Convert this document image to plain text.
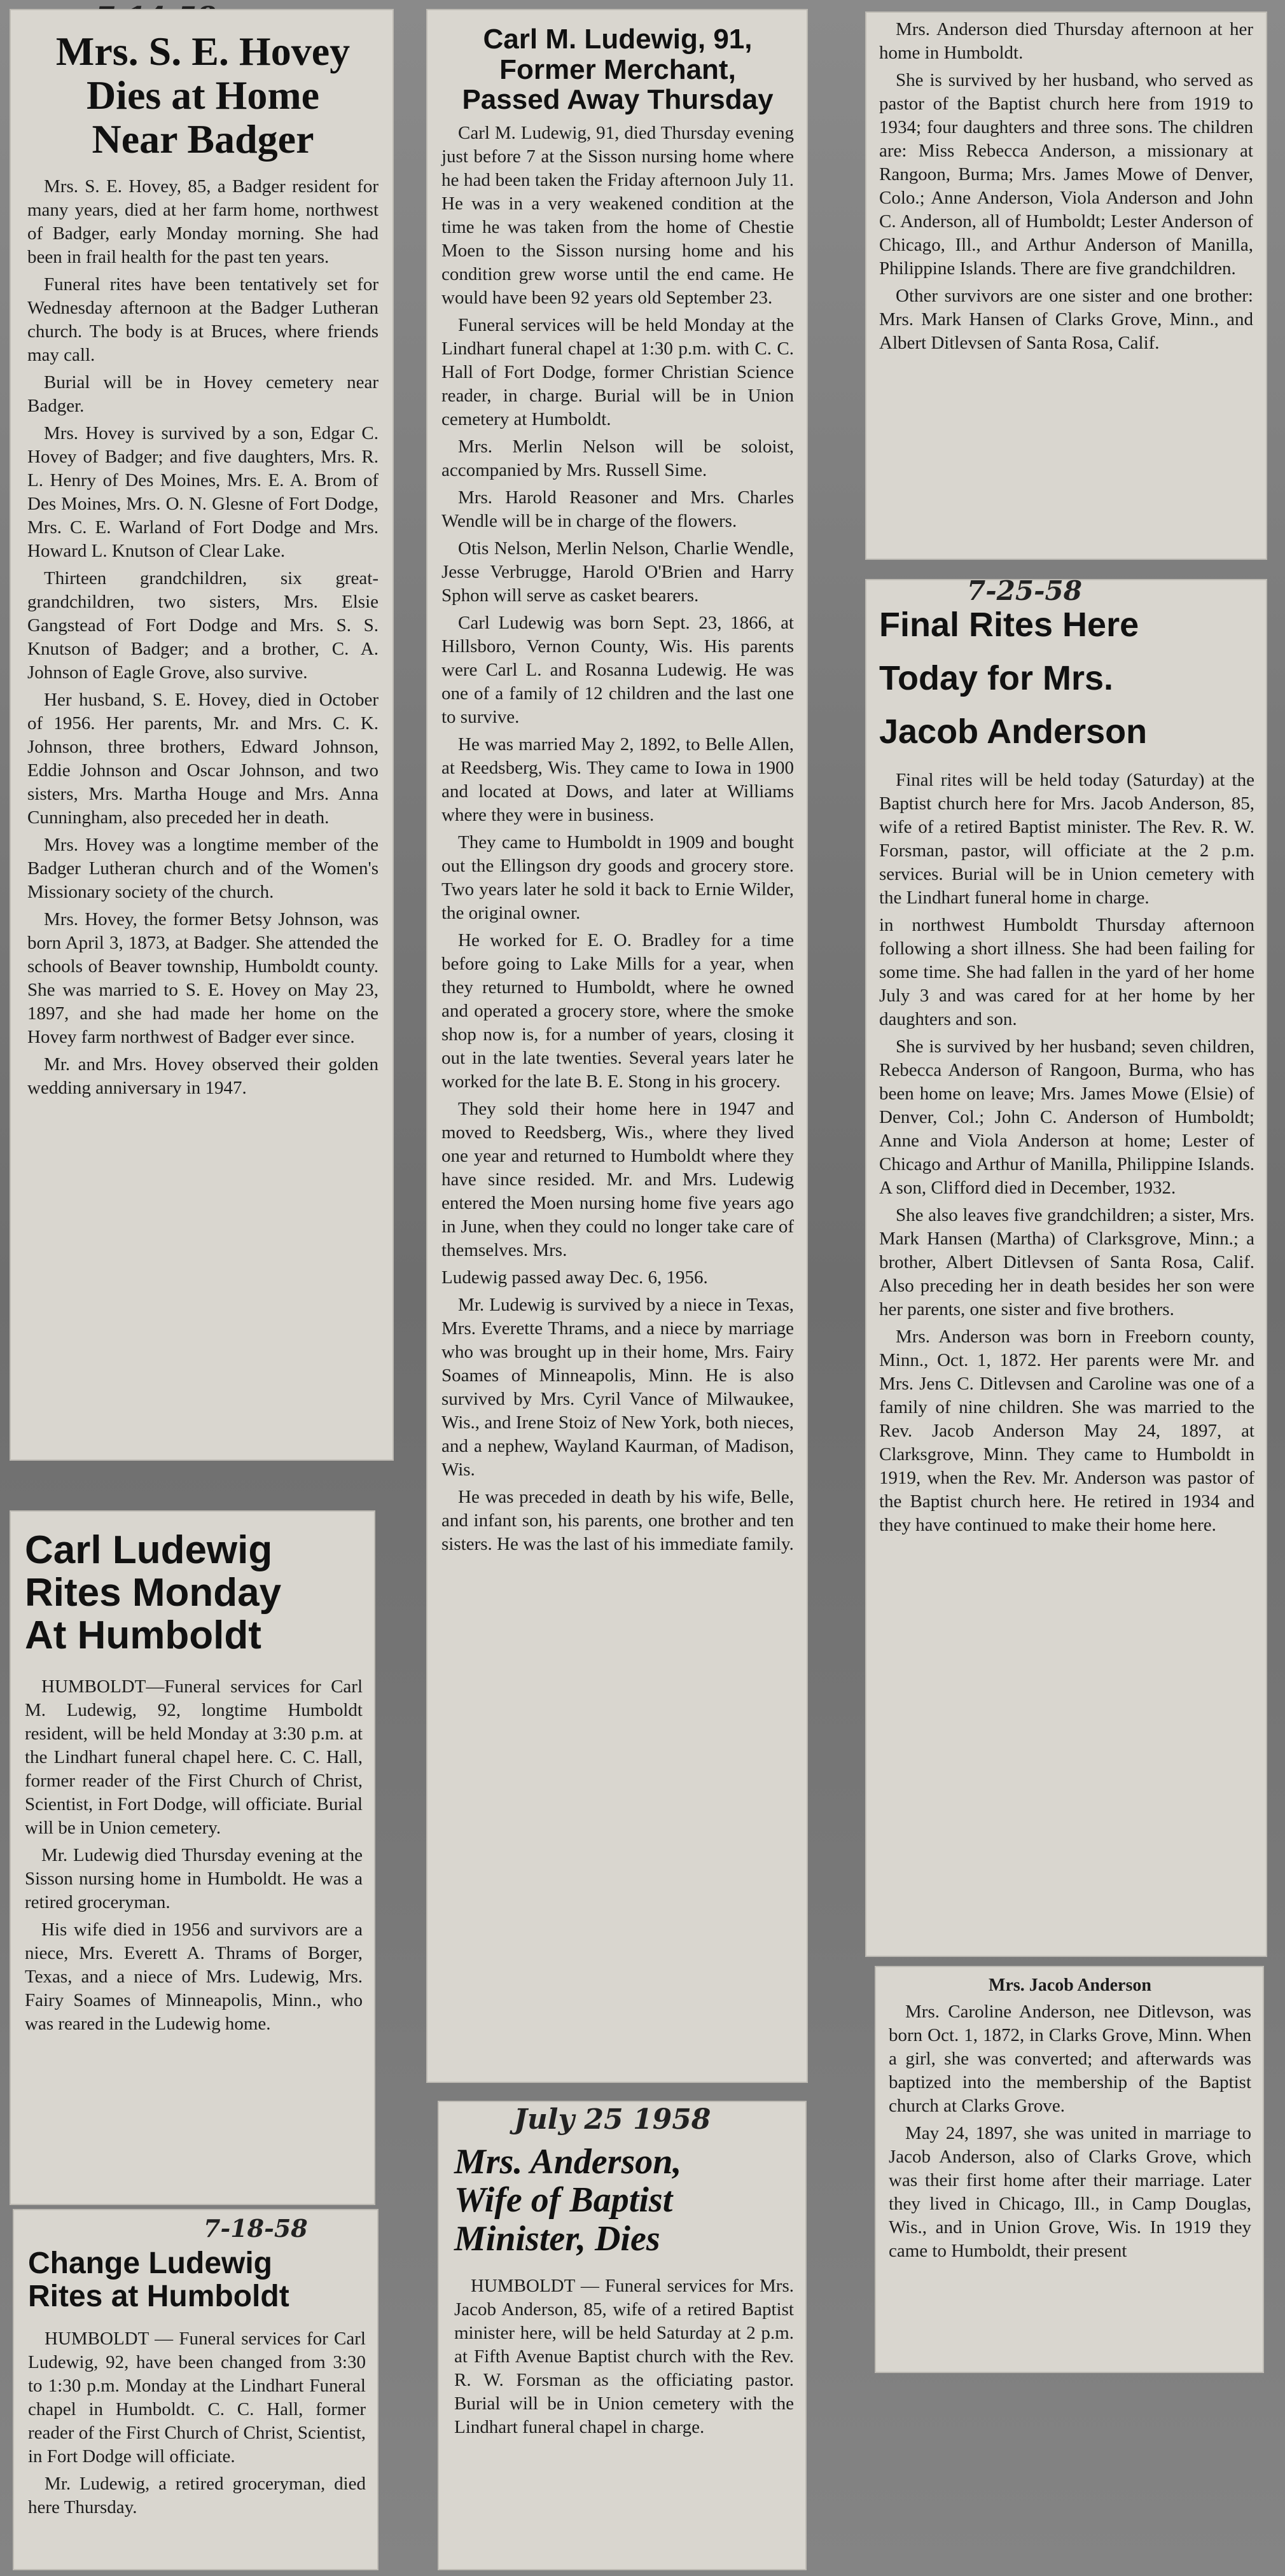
Mrs. S. E. Hovey
Dies at Home
Near Badger
Mrs. S. E. Hovey, 85, a Badger resident for many years, died at her farm home, northwest of Badger, early Monday morning. She had been in frail health for the past ten years.
Funeral rites have been tentatively set for Wednesday afternoon at the Badger Lutheran church. The body is at Bruces, where friends may call.
Burial will be in Hovey cemetery near Badger.
Mrs. Hovey is survived by a son, Edgar C. Hovey of Badger; and five daughters, Mrs. R. L. Henry of Des Moines, Mrs. E. A. Brom of Des Moines, Mrs. O. N. Glesne of Fort Dodge, Mrs. C. E. Warland of Fort Dodge and Mrs. Howard L. Knutson of Clear Lake.
Thirteen grandchildren, six great-grandchildren, two sisters, Mrs. Elsie Gangstead of Fort Dodge and Mrs. S. S. Knutson of Badger; and a brother, C. A. Johnson of Eagle Grove, also survive.
Her husband, S. E. Hovey, died in October of 1956. Her parents, Mr. and Mrs. C. K. Johnson, three brothers, Edward Johnson, Eddie Johnson and Oscar Johnson, and two sisters, Mrs. Martha Houge and Mrs. Anna Cunningham, also preceded her in death.
Mrs. Hovey was a longtime member of the Badger Lutheran church and of the Women's Missionary society of the church.
Mrs. Hovey, the former Betsy Johnson, was born April 3, 1873, at Badger. She attended the schools of Beaver township, Humboldt county. She was married to S. E. Hovey on May 23, 1897, and she had made her home on the Hovey farm northwest of Badger ever since.
Mr. and Mrs. Hovey observed their golden wedding anniversary in 1947.
Carl Ludewig
Rites Monday
At Humboldt
HUMBOLDT—Funeral services for Carl M. Ludewig, 92, longtime Humboldt resident, will be held Monday at 3:30 p.m. at the Lindhart funeral chapel here. C. C. Hall, former reader of the First Church of Christ, Scientist, in Fort Dodge, will officiate. Burial will be in Union cemetery.
Mr. Ludewig died Thursday evening at the Sisson nursing home in Humboldt. He was a retired groceryman.
His wife died in 1956 and survivors are a niece, Mrs. Everett A. Thrams of Borger, Texas, and a niece of Mrs. Ludewig, Mrs. Fairy Soames of Minneapolis, Minn., who was reared in the Ludewig home.
7-18-58
Change Ludewig
Rites at Humboldt
HUMBOLDT — Funeral services for Carl Ludewig, 92, have been changed from 3:30 to 1:30 p.m. Monday at the Lindhart Funeral chapel in Humboldt. C. C. Hall, former reader of the First Church of Christ, Scientist, in Fort Dodge will officiate.
Mr. Ludewig, a retired groceryman, died here Thursday.
Carl M. Ludewig, 91,
Former Merchant,
Passed Away Thursday
Carl M. Ludewig, 91, died Thursday evening just before 7 at the Sisson nursing home where he had been taken the Friday afternoon July 11. He was in a very weakened condition at the time he was taken from the home of Chestie Moen to the Sisson nursing home and his condition grew worse until the end came. He would have been 92 years old September 23.
Funeral services will be held Monday at the Lindhart funeral chapel at 1:30 p.m. with C. C. Hall of Fort Dodge, former Christian Science reader, in charge. Burial will be in Union cemetery at Humboldt.
Mrs. Merlin Nelson will be soloist, accompanied by Mrs. Russell Sime.
Mrs. Harold Reasoner and Mrs. Charles Wendle will be in charge of the flowers.
Otis Nelson, Merlin Nelson, Charlie Wendle, Jesse Verbrugge, Harold O'Brien and Harry Sphon will serve as casket bearers.
Carl Ludewig was born Sept. 23, 1866, at Hillsboro, Vernon County, Wis. His parents were Carl L. and Rosanna Ludewig. He was one of a family of 12 children and the last one to survive.
He was married May 2, 1892, to Belle Allen, at Reedsberg, Wis. They came to Iowa in 1900 and located at Dows, and later at Williams where they were in business.
They came to Humboldt in 1909 and bought out the Ellingson dry goods and grocery store. Two years later he sold it back to Ernie Wilder, the original owner.
He worked for E. O. Bradley for a time before going to Lake Mills for a year, when they returned to Humboldt, where he owned and operated a grocery store, where the smoke shop now is, for a number of years, closing it out in the late twenties. Several years later he worked for the late B. E. Stong in his grocery.
They sold their home here in 1947 and moved to Reedsberg, Wis., where they lived one year and returned to Humboldt where they have since resided. Mr. and Mrs. Ludewig entered the Moen nursing home five years ago in June, when they could no longer take care of themselves. Mrs.
Ludewig passed away Dec. 6, 1956.
Mr. Ludewig is survived by a niece in Texas, Mrs. Everette Thrams, and a niece by marriage who was brought up in their home, Mrs. Fairy Soames of Minneapolis, Minn. He is also survived by Mrs. Cyril Vance of Milwaukee, Wis., and Irene Stoiz of New York, both nieces, and a nephew, Wayland Kaurman, of Madison, Wis.
He was preceded in death by his wife, Belle, and infant son, his parents, one brother and ten sisters. He was the last of his immediate family.
July 25 1958
Mrs. Anderson,
Wife of Baptist
Minister, Dies
HUMBOLDT — Funeral services for Mrs. Jacob Anderson, 85, wife of a retired Baptist minister here, will be held Saturday at 2 p.m. at Fifth Avenue Baptist church with the Rev. R. W. Forsman as the officiating pastor. Burial will be in Union cemetery with the Lindhart funeral chapel in charge.
Mrs. Anderson died Thursday afternoon at her home in Humboldt.
She is survived by her husband, who served as pastor of the Baptist church here from 1919 to 1934; four daughters and three sons. The children are: Miss Rebecca Anderson, a missionary at Rangoon, Burma; Mrs. James Mowe of Denver, Colo.; Anne Anderson, Viola Anderson and John C. Anderson, all of Humboldt; Lester Anderson of Chicago, Ill., and Arthur Anderson of Manilla, Philippine Islands. There are five grandchildren.
Other survivors are one sister and one brother: Mrs. Mark Hansen of Clarks Grove, Minn., and Albert Ditlevsen of Santa Rosa, Calif.
7-25-58
Final Rites Here
Today for Mrs.
Jacob Anderson
Final rites will be held today (Saturday) at the Baptist church here for Mrs. Jacob Anderson, 85, wife of a retired Baptist minister. The Rev. R. W. Forsman, pastor, will officiate at the 2 p.m. services. Burial will be in Union cemetery with the Lindhart funeral home in charge.
in northwest Humboldt Thursday afternoon following a short illness. She had been failing for some time. She had fallen in the yard of her home July 3 and was cared for at her home by her daughters and son.
She is survived by her husband; seven children, Rebecca Anderson of Rangoon, Burma, who has been home on leave; Mrs. James Mowe (Elsie) of Denver, Col.; John C. Anderson of Humboldt; Anne and Viola Anderson at home; Lester of Chicago and Arthur of Manilla, Philippine Islands. A son, Clifford died in December, 1932.
She also leaves five grandchildren; a sister, Mrs. Mark Hansen (Martha) of Clarksgrove, Minn.; a brother, Albert Ditlevsen of Santa Rosa, Calif. Also preceding her in death besides her son were her parents, one sister and five brothers.
Mrs. Anderson was born in Freeborn county, Minn., Oct. 1, 1872. Her parents were Mr. and Mrs. Jens C. Ditlevsen and Caroline was one of a family of nine children. She was married to the Rev. Jacob Anderson May 24, 1897, at Clarksgrove, Minn. They came to Humboldt in 1919, when the Rev. Mr. Anderson was pastor of the Baptist church here. He retired in 1934 and they have continued to make their home here.
Mrs. Jacob Anderson
Mrs. Caroline Anderson, nee Ditlevson, was born Oct. 1, 1872, in Clarks Grove, Minn. When a girl, she was converted; and afterwards was baptized into the membership of the Baptist church at Clarks Grove.
May 24, 1897, she was united in marriage to Jacob Anderson, also of Clarks Grove, which was their first home after their marriage. Later they lived in Chicago, Ill., in Camp Douglas, Wis., and in Union Grove, Wis. In 1919 they came to Humboldt, their present
